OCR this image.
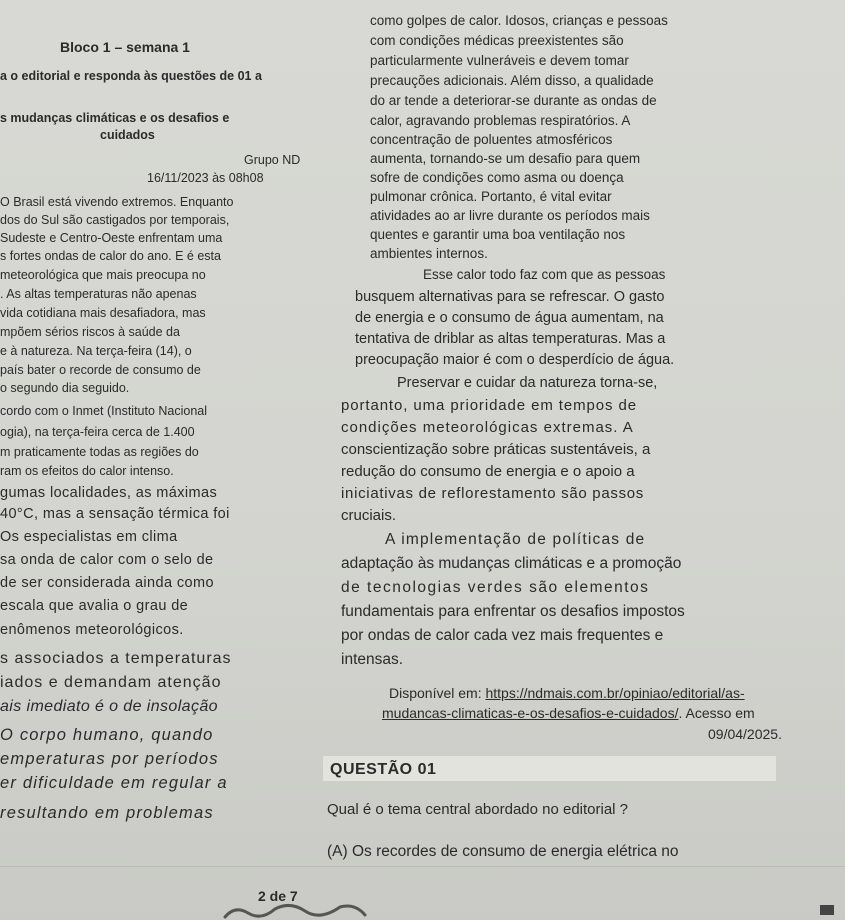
Bloco 1 – semana 1
a o editorial e responda às questões de 01 a
s mudanças climáticas e os desafios e
cuidados
Grupo ND
16/11/2023 às 08h08
O Brasil está vivendo extremos. Enquanto
dos do Sul são castigados por temporais,
Sudeste e Centro-Oeste enfrentam uma
s fortes ondas de calor do ano. E é esta
meteorológica que mais preocupa no
. As altas temperaturas não apenas
vida cotidiana mais desafiadora, mas
mpõem sérios riscos à saúde da
e à natureza. Na terça-feira (14), o
país bater o recorde de consumo de
o segundo dia seguido.
cordo com o Inmet (Instituto Nacional
ogia), na terça-feira cerca de 1.400
m praticamente todas as regiões do
ram os efeitos do calor intenso.
gumas localidades, as máximas
40°C, mas a sensação térmica foi
Os especialistas em clima
sa onda de calor com o selo de
de ser considerada ainda como
escala que avalia o grau de
enômenos meteorológicos.
s associados a temperaturas
iados e demandam atenção
ais imediato é o de insolação
O corpo humano, quando
emperaturas por períodos
er dificuldade em regular a
resultando em problemas
como golpes de calor. Idosos, crianças e pessoas
com condições médicas preexistentes são
particularmente vulneráveis e devem tomar
precauções adicionais. Além disso, a qualidade
do ar tende a deteriorar-se durante as ondas de
calor, agravando problemas respiratórios. A
concentração de poluentes atmosféricos
aumenta, tornando-se um desafio para quem
sofre de condições como asma ou doença
pulmonar crônica. Portanto, é vital evitar
atividades ao ar livre durante os períodos mais
quentes e garantir uma boa ventilação nos
ambientes internos.
Esse calor todo faz com que as pessoas
busquem alternativas para se refrescar. O gasto
de energia e o consumo de água aumentam, na
tentativa de driblar as altas temperaturas. Mas a
preocupação maior é com o desperdício de água.
Preservar e cuidar da natureza torna-se,
portanto, uma prioridade em tempos de
condições meteorológicas extremas. A
conscientização sobre práticas sustentáveis, a
redução do consumo de energia e o apoio a
iniciativas de reflorestamento são passos
cruciais.
A implementação de políticas de
adaptação às mudanças climáticas e a promoção
de tecnologias verdes são elementos
fundamentais para enfrentar os desafios impostos
por ondas de calor cada vez mais frequentes e
intensas.
Disponível em: https://ndmais.com.br/opiniao/editorial/as-
mudancas-climaticas-e-os-desafios-e-cuidados/. Acesso em
09/04/2025.
QUESTÃO 01
Qual é o tema central abordado no editorial ?
(A) Os recordes de consumo de energia elétrica no
2 de 7
